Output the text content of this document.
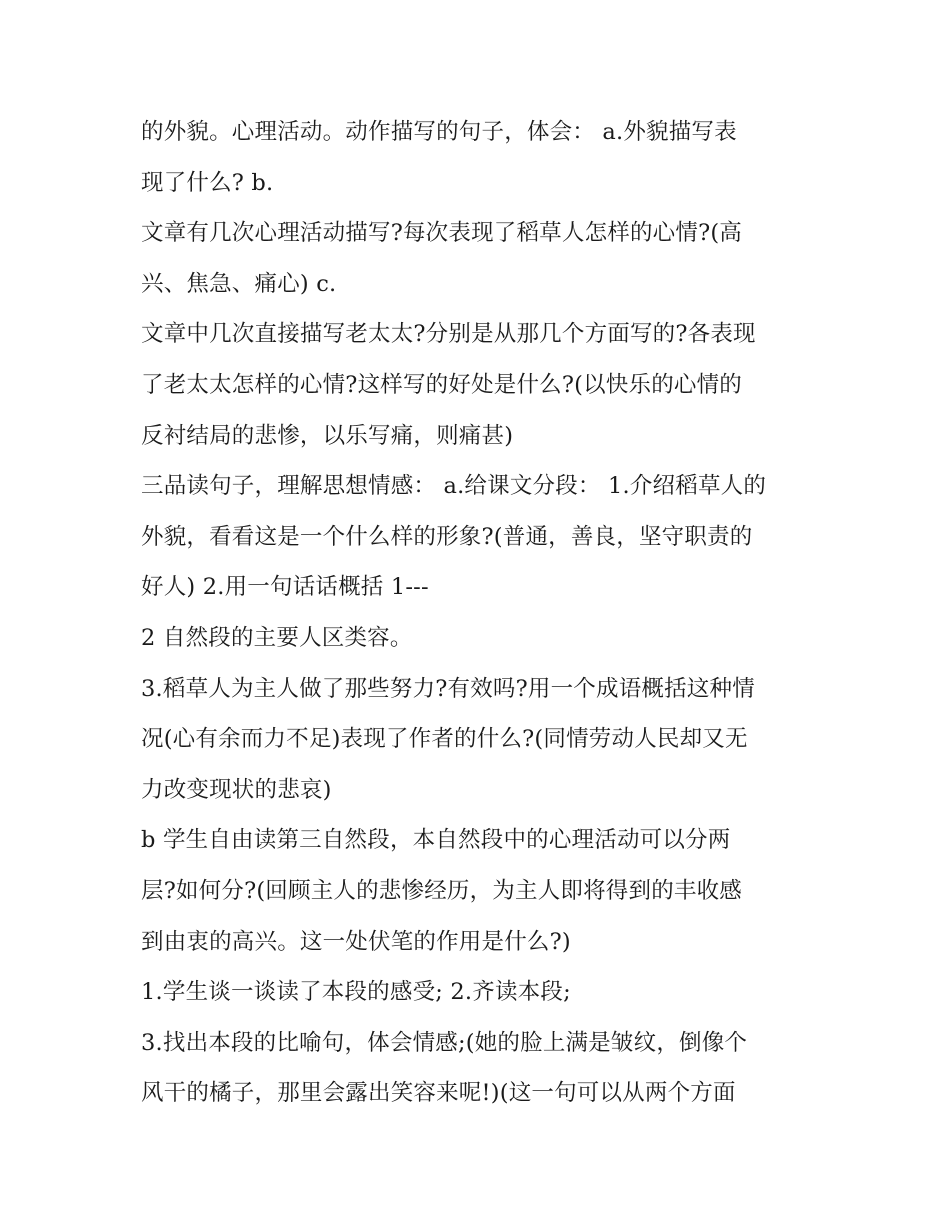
的外貌。心理活动。动作描写的句子，体会： a.外貌描写表
现了什么? b.
文章有几次心理活动描写?每次表现了稻草人怎样的心情?(高
兴、焦急、痛心) c.
文章中几次直接描写老太太?分别是从那几个方面写的?各表现
了老太太怎样的心情?这样写的好处是什么?(以快乐的心情的
反衬结局的悲惨，以乐写痛，则痛甚)
三品读句子，理解思想情感： a.给课文分段： 1.介绍稻草人的
外貌，看看这是一个什么样的形象?(普通，善良，坚守职责的
好人) 2.用一句话话概括 1---
2 自然段的主要人区类容。
3.稻草人为主人做了那些努力?有效吗?用一个成语概括这种情
况(心有余而力不足)表现了作者的什么?(同情劳动人民却又无
力改变现状的悲哀)
b 学生自由读第三自然段，本自然段中的心理活动可以分两
层?如何分?(回顾主人的悲惨经历，为主人即将得到的丰收感
到由衷的高兴。这一处伏笔的作用是什么?)
1.学生谈一谈读了本段的感受; 2.齐读本段;
3.找出本段的比喻句，体会情感;(她的脸上满是皱纹，倒像个
风干的橘子，那里会露出笑容来呢!)(这一句可以从两个方面
